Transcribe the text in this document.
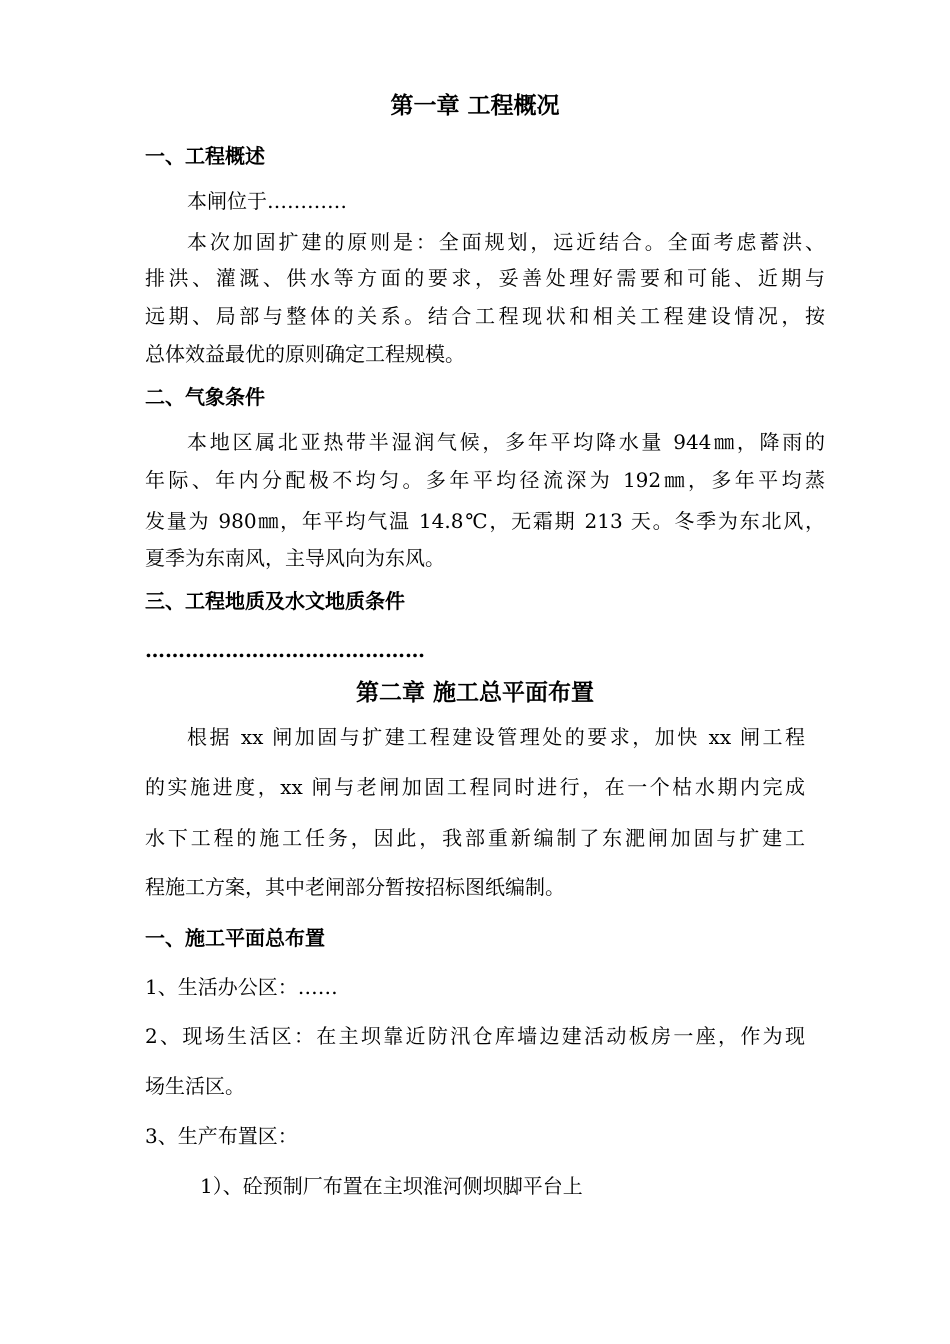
第一章 工程概况
一、工程概述
本闸位于…………
本次加固扩建的原则是：全面规划，远近结合。全面考虑蓄洪、
排洪、灌溉、供水等方面的要求，妥善处理好需要和可能、近期与
远期、局部与整体的关系。结合工程现状和相关工程建设情况，按
总体效益最优的原则确定工程规模。
二、气象条件
本地区属北亚热带半湿润气候，多年平均降水量 944㎜，降雨的
年际、年内分配极不均匀。多年平均径流深为 192㎜，多年平均蒸
发量为 980㎜，年平均气温 14.8℃，无霜期 213 天。冬季为东北风，
夏季为东南风，主导风向为东风。
三、工程地质及水文地质条件
……………………………………
第二章 施工总平面布置
根据 xx 闸加固与扩建工程建设管理处的要求，加快 xx 闸工程
的实施进度，xx 闸与老闸加固工程同时进行，在一个枯水期内完成
水下工程的施工任务，因此，我部重新编制了东淝闸加固与扩建工
程施工方案，其中老闸部分暂按招标图纸编制。
一、施工平面总布置
1、生活办公区：……
2、现场生活区：在主坝靠近防汛仓库墙边建活动板房一座，作为现
场生活区。
3、生产布置区：
1）、砼预制厂布置在主坝淮河侧坝脚平台上
